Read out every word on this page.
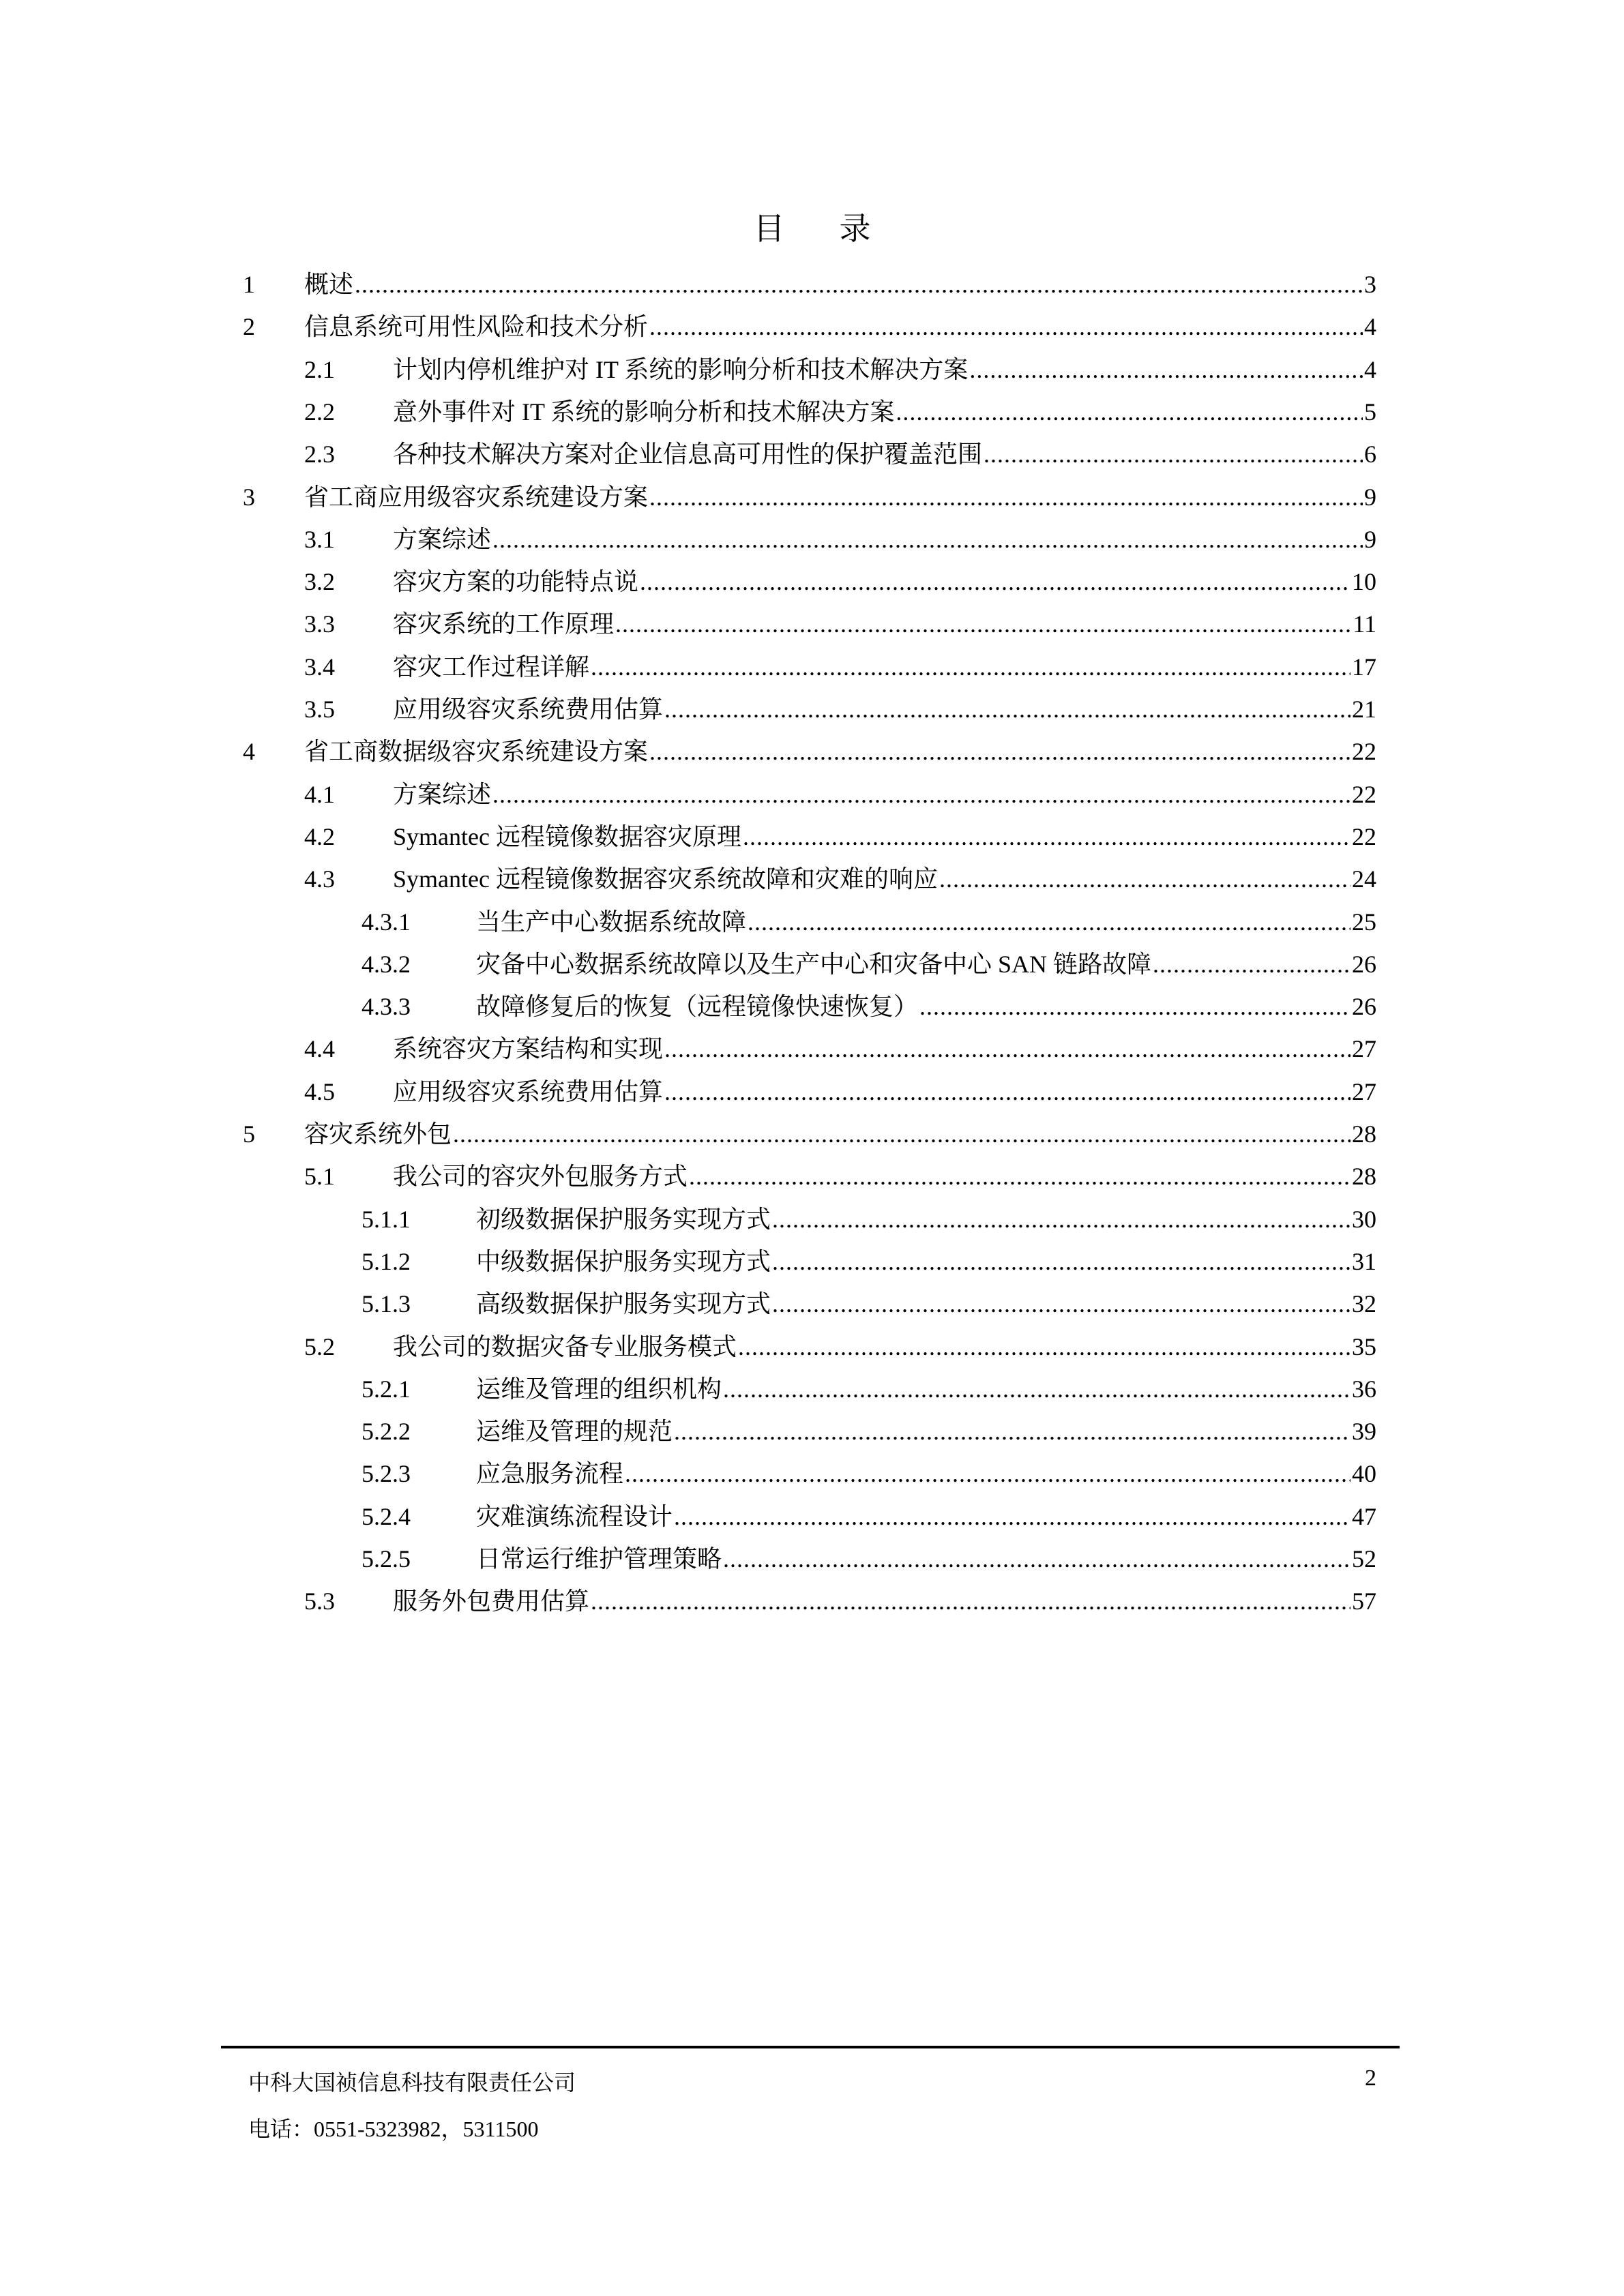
目 录
1 概述 .....	3
2 信息系统可用性风险和技术分析 .....	4
2.1 计划内停机维护对 IT 系统的影响分析和技术解决方案 .....	4
2.2 意外事件对 IT 系统的影响分析和技术解决方案 .....	5
2.3 各种技术解决方案对企业信息高可用性的保护覆盖范围 .....	6
3 省工商应用级容灾系统建设方案 .....	9
3.1 方案综述 .....	9
3.2 容灾方案的功能特点说 .....	10
3.3 容灾系统的工作原理 .....	11
3.4 容灾工作过程详解 .....	17
3.5 应用级容灾系统费用估算 .....	21
4 省工商数据级容灾系统建设方案 .....	22
4.1 方案综述 .....	22
4.2 Symantec 远程镜像数据容灾原理 .....	22
4.3 Symantec 远程镜像数据容灾系统故障和灾难的响应 .....	24
4.3.1	当生产中心数据系统故障 .....	25
4.3.2	灾备中心数据系统故障以及生产中心和灾备中心 SAN 链路故障 .....	26
4.3.3	故障修复后的恢复（远程镜像快速恢复） .....	26
4.4 系统容灾方案结构和实现 .....	27
4.5 应用级容灾系统费用估算 .....	27
5 容灾系统外包 .....	28
5.1 我公司的容灾外包服务方式 .....	28
5.1.1	初级数据保护服务实现方式 .....	30
5.1.2	中级数据保护服务实现方式 .....	31
5.1.3	高级数据保护服务实现方式 .....	32
5.2 我公司的数据灾备专业服务模式 .....	35
5.2.1	运维及管理的组织机构 .....	36
5.2.2	运维及管理的规范 .....	39
5.2.3	应急服务流程 .....	40
5.2.4	灾难演练流程设计 .....	47
5.2.5	日常运行维护管理策略 .....	52
5.3 服务外包费用估算 .....	57
中科大国祯信息科技有限责任公司
电话：0551-5323982，5311500
2
